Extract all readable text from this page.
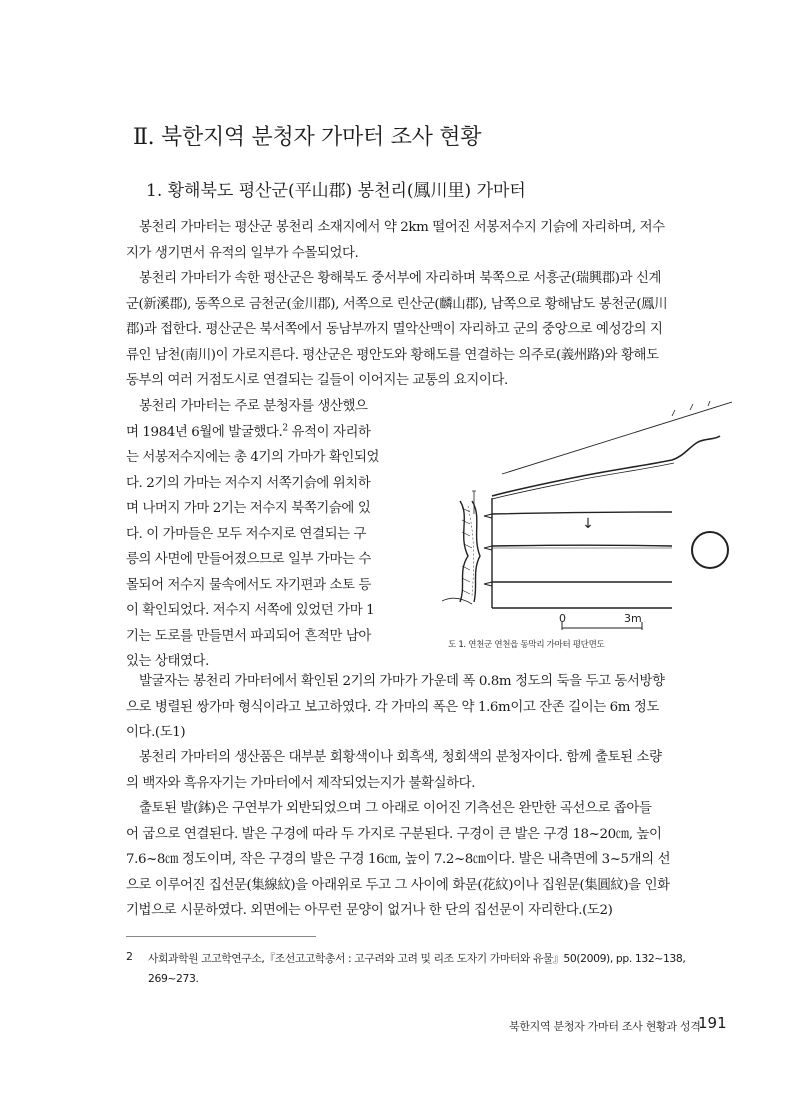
Ⅱ. 북한지역 분청자 가마터 조사 현황
1. 황해북도 평산군(平山郡) 봉천리(鳳川里) 가마터
봉천리 가마터는 평산군 봉천리 소재지에서 약 2km 떨어진 서봉저수지 기슭에 자리하며, 저수
지가 생기면서 유적의 일부가 수몰되었다.
봉천리 가마터가 속한 평산군은 황해북도 중서부에 자리하며 북쪽으로 서흥군(瑞興郡)과 신계
군(新溪郡), 동쪽으로 금천군(金川郡), 서쪽으로 린산군(麟山郡), 남쪽으로 황해남도 봉천군(鳳川
郡)과 접한다. 평산군은 북서쪽에서 동남부까지 멸악산맥이 자리하고 군의 중앙으로 예성강의 지
류인 남천(南川)이 가로지른다. 평산군은 평안도와 황해도를 연결하는 의주로(義州路)와 황해도
동부의 여러 거점도시로 연결되는 길들이 이어지는 교통의 요지이다.
봉천리 가마터는 주로 분청자를 생산했으
며 1984년 6월에 발굴했다.$^2$ 유적이 자리하
는 서봉저수지에는 총 4기의 가마가 확인되었
다. 2기의 가마는 저수지 서쪽기슭에 위치하
며 나머지 가마 2기는 저수지 북쪽기슭에 있
다. 이 가마들은 모두 저수지로 연결되는 구
릉의 사면에 만들어졌으므로 일부 가마는 수
몰되어 저수지 물속에서도 자기편과 소토 등
이 확인되었다. 저수지 서쪽에 있었던 가마 1
기는 도로를 만들면서 파괴되어 흔적만 남아
있는 상태였다.
↓
0	3m
도 1. 연천군 연천읍 동막리 가마터 평단면도
발굴자는 봉천리 가마터에서 확인된 2기의 가마가 가운데 폭 0.8m 정도의 둑을 두고 동서방향
으로 병렬된 쌍가마 형식이라고 보고하였다. 각 가마의 폭은 약 1.6m이고 잔존 길이는 6m 정도
이다.(도1)
봉천리 가마터의 생산품은 대부분 회황색이나 회흑색, 청회색의 분청자이다. 함께 출토된 소량
의 백자와 흑유자기는 가마터에서 제작되었는지가 불확실하다.
출토된 발(鉢)은 구연부가 외반되었으며 그 아래로 이어진 기측선은 완만한 곡선으로 좁아들
어 굽으로 연결된다. 발은 구경에 따라 두 가지로 구분된다. 구경이 큰 발은 구경 18~20㎝, 높이
7.6~8㎝ 정도이며, 작은 구경의 발은 구경 16㎝, 높이 7.2~8㎝이다. 발은 내측면에 3~5개의 선
으로 이루어진 집선문(集線紋)을 아래위로 두고 그 사이에 화문(花紋)이나 집원문(集圓紋)을 인화
기법으로 시문하였다. 외면에는 아무런 문양이 없거나 한 단의 집선문이 자리한다.(도2)
2 사회과학원 고고학연구소,『조선고고학총서 : 고구려와 고려 및 리조 도자기 가마터와 유물』50(2009), pp. 132~138,
269~273.
북한지역 분청자 가마터 조사 현황과 성격
191
